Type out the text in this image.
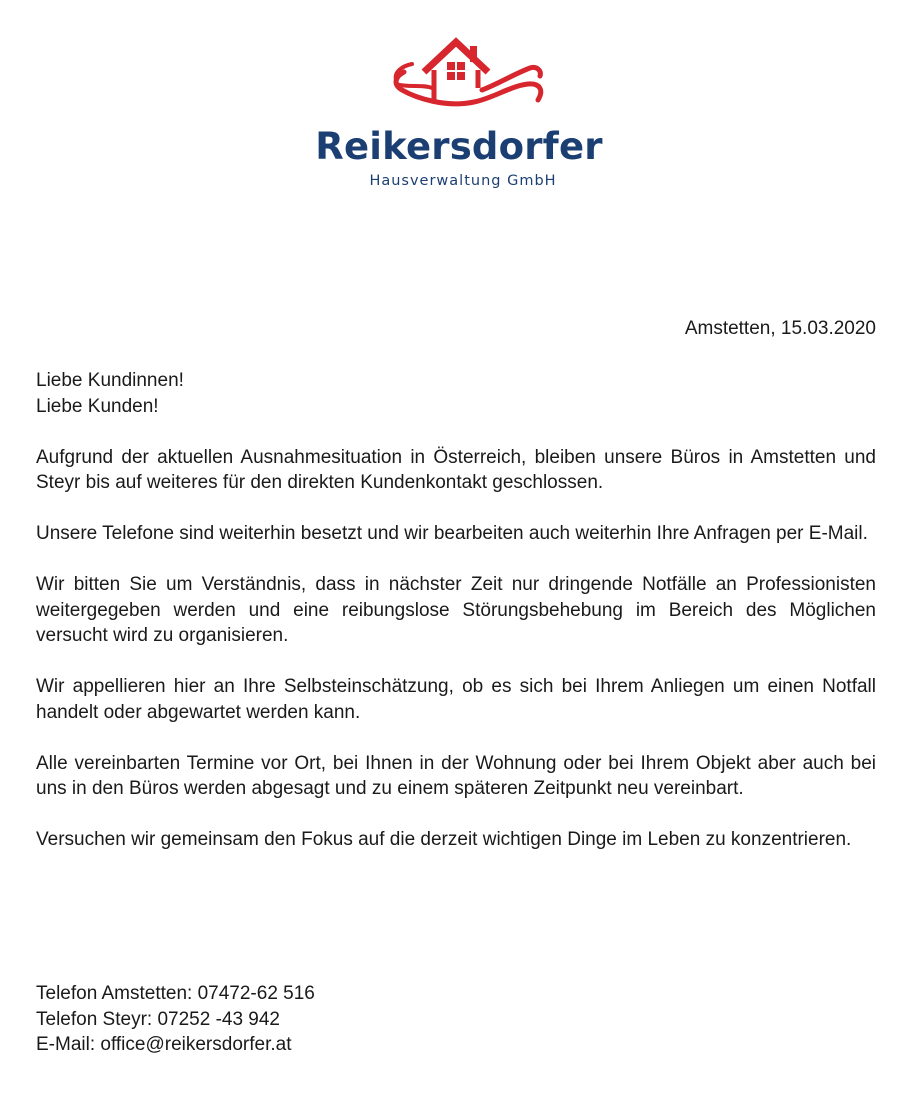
Reikersdorfer
Hausverwaltung GmbH
Amstetten, 15.03.2020
Liebe Kundinnen!
Liebe Kunden!

Aufgrund der aktuellen Ausnahmesituation in Österreich, bleiben unsere Büros in Amstetten und Steyr bis auf weiteres für den direkten Kundenkontakt geschlossen.

Unsere Telefone sind weiterhin besetzt und wir bearbeiten auch weiterhin Ihre Anfragen per E-Mail.

Wir bitten Sie um Verständnis, dass in nächster Zeit nur dringende Notfälle an Professionisten weitergegeben werden und eine reibungslose Störungsbehebung im Bereich des Möglichen versucht wird zu organisieren.

Wir appellieren hier an Ihre Selbsteinschätzung, ob es sich bei Ihrem Anliegen um einen Notfall handelt oder abgewartet werden kann.

Alle vereinbarten Termine vor Ort, bei Ihnen in der Wohnung oder bei Ihrem Objekt aber auch bei uns in den Büros werden abgesagt und zu einem späteren Zeitpunkt neu vereinbart.

Versuchen wir gemeinsam den Fokus auf die derzeit wichtigen Dinge im Leben zu konzentrieren.

Telefon Amstetten: 07472-62 516
Telefon Steyr: 07252 -43 942
E-Mail: office@reikersdorfer.at
